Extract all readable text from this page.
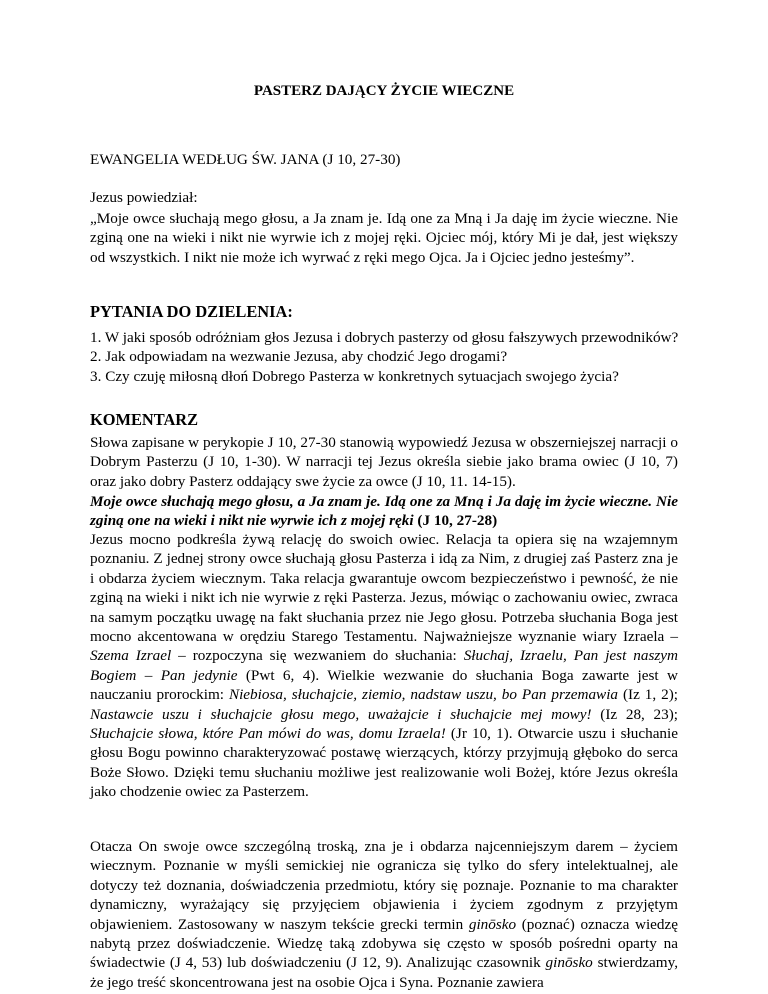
PASTERZ DAJĄCY ŻYCIE WIECZNE
EWANGELIA WEDŁUG ŚW. JANA (J 10, 27-30)
Jezus powiedział:

„Moje owce słuchają mego głosu, a Ja znam je. Idą one za Mną i Ja daję im życie wieczne. Nie zginą one na wieki i nikt nie wyrwie ich z mojej ręki. Ojciec mój, który Mi je dał, jest większy od wszystkich. I nikt nie może ich wyrwać z ręki mego Ojca. Ja i Ojciec jedno jesteśmy”.

PYTANIA DO DZIELENIA:
1. W jaki sposób odróżniam głos Jezusa i dobrych pasterzy od głosu fałszywych przewodników?
2. Jak odpowiadam na wezwanie Jezusa, aby chodzić Jego drogami?
3. Czy czuję miłosną dłoń Dobrego Pasterza w konkretnych sytuacjach swojego życia?
KOMENTARZ

Słowa zapisane w perykopie J 10, 27-30 stanowią wypowiedź Jezusa w obszerniejszej narracji o Dobrym Pasterzu (J 10, 1-30). W narracji tej Jezus określa siebie jako brama owiec (J 10, 7) oraz jako dobry Pasterz oddający swe życie za owce (J 10, 11. 14-15).

Moje owce słuchają mego głosu, a Ja znam je. Idą one za Mną i Ja daję im życie wieczne. Nie zginą one na wieki i nikt nie wyrwie ich z mojej ręki (J 10, 27-28)

Jezus mocno podkreśla żywą relację do swoich owiec. Relacja ta opiera się na wzajemnym poznaniu. Z jednej strony owce słuchają głosu Pasterza i idą za Nim, z drugiej zaś Pasterz zna je i obdarza życiem wiecznym. Taka relacja gwarantuje owcom bezpieczeństwo i pewność, że nie zginą na wieki i nikt ich nie wyrwie z ręki Pasterza. Jezus, mówiąc o zachowaniu owiec, zwraca na samym początku uwagę na fakt słuchania przez nie Jego głosu. Potrzeba słuchania Boga jest mocno akcentowana w orędziu Starego Testamentu. Najważniejsze wyznanie wiary Izraela – Szema Izrael – rozpoczyna się wezwaniem do słuchania: Słuchaj, Izraelu, Pan jest naszym Bogiem – Pan jedynie (Pwt 6, 4). Wielkie wezwanie do słuchania Boga zawarte jest w nauczaniu prorockim: Niebiosa, słuchajcie, ziemio, nadstaw uszu, bo Pan przemawia (Iz 1, 2); Nastawcie uszu i słuchajcie głosu mego, uważajcie i słuchajcie mej mowy! (Iz 28, 23); Słuchajcie słowa, które Pan mówi do was, domu Izraela! (Jr 10, 1). Otwarcie uszu i słuchanie głosu Bogu powinno charakteryzować postawę wierzących, którzy przyjmują głęboko do serca Boże Słowo. Dzięki temu słuchaniu możliwe jest realizowanie woli Bożej, które Jezus określa jako chodzenie owiec za Pasterzem.

Otacza On swoje owce szczególną troską, zna je i obdarza najcenniejszym darem – życiem wiecznym. Poznanie w myśli semickiej nie ogranicza się tylko do sfery intelektualnej, ale dotyczy też doznania, doświadczenia przedmiotu, który się poznaje. Poznanie to ma charakter dynamiczny, wyrażający się przyjęciem objawienia i życiem zgodnym z przyjętym objawieniem. Zastosowany w naszym tekście grecki termin ginōsko (poznać) oznacza wiedzę nabytą przez doświadczenie. Wiedzę taką zdobywa się często w sposób pośredni oparty na świadectwie (J 4, 53) lub doświadczeniu (J 12, 9). Analizując czasownik ginōsko stwierdzamy, że jego treść skoncentrowana jest na osobie Ojca i Syna. Poznanie zawiera
